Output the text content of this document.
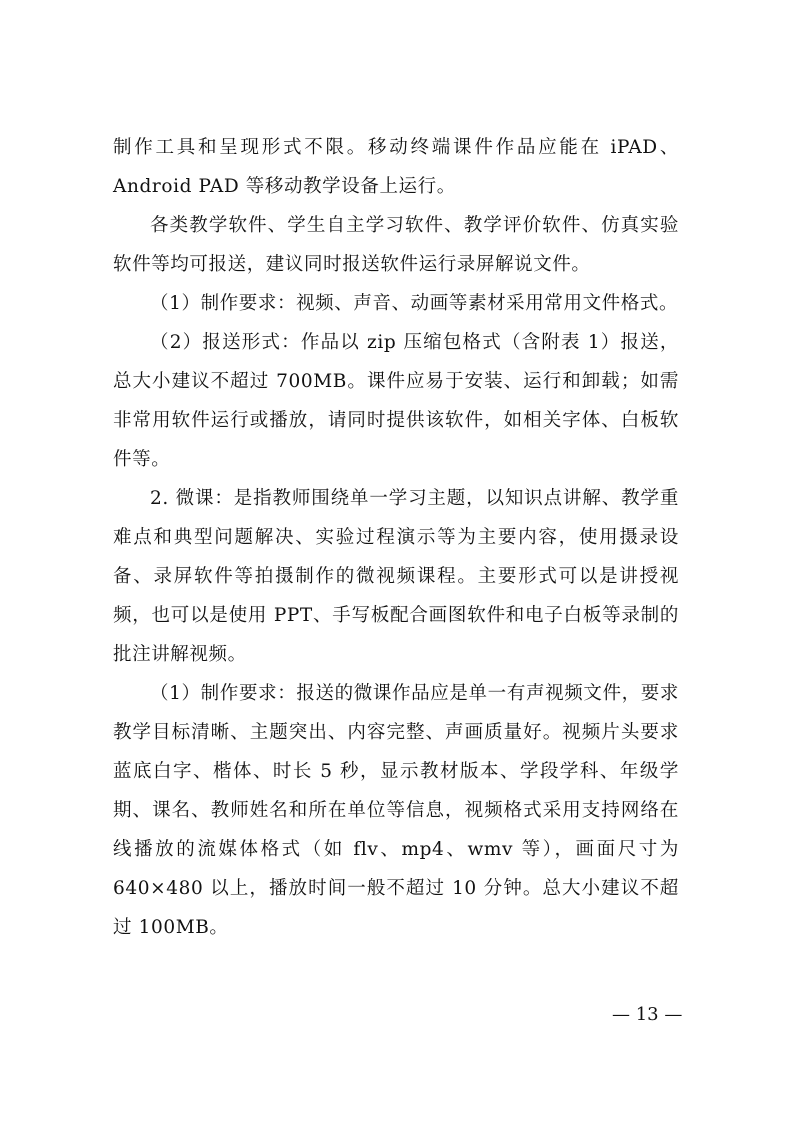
制作工具和呈现形式不限。移动终端课件作品应能在 iPAD、Android PAD 等移动教学设备上运行。

各类教学软件、学生自主学习软件、教学评价软件、仿真实验软件等均可报送，建议同时报送软件运行录屏解说文件。

（1）制作要求：视频、声音、动画等素材采用常用文件格式。

（2）报送形式：作品以 zip 压缩包格式（含附表 1）报送，总大小建议不超过 700MB。课件应易于安装、运行和卸载；如需非常用软件运行或播放，请同时提供该软件，如相关字体、白板软件等。

2. 微课：是指教师围绕单一学习主题，以知识点讲解、教学重难点和典型问题解决、实验过程演示等为主要内容，使用摄录设备、录屏软件等拍摄制作的微视频课程。主要形式可以是讲授视频，也可以是使用 PPT、手写板配合画图软件和电子白板等录制的批注讲解视频。

（1）制作要求：报送的微课作品应是单一有声视频文件，要求教学目标清晰、主题突出、内容完整、声画质量好。视频片头要求蓝底白字、楷体、时长 5 秒，显示教材版本、学段学科、年级学期、课名、教师姓名和所在单位等信息，视频格式采用支持网络在线播放的流媒体格式（如 flv、mp4、wmv 等），画面尺寸为 640×480 以上，播放时间一般不超过 10 分钟。总大小建议不超过 100MB。

— 13 —
